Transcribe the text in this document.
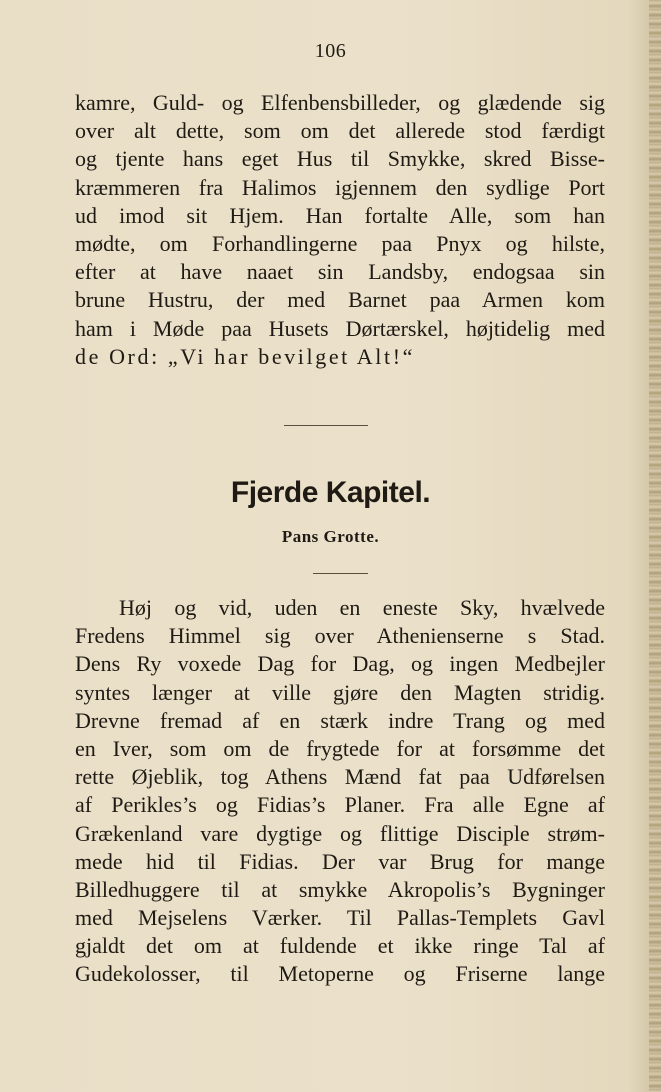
106
kamre, Guld- og Elfenbensbilleder, og glædende sig
over alt dette, som om det allerede stod færdigt
og tjente hans eget Hus til Smykke, skred Bisse-
kræmmeren fra Halimos igjennem den sydlige Port
ud imod sit Hjem. Han fortalte Alle, som han
mødte, om Forhandlingerne paa Pnyx og hilste,
efter at have naaet sin Landsby, endogsaa sin
brune Hustru, der med Barnet paa Armen kom
ham i Møde paa Husets Dørtærskel, højtidelig med
de Ord: „Vi har bevilget Alt!“
Fjerde Kapitel.
Pans Grotte.
Høj og vid, uden en eneste Sky, hvælvede
Fredens Himmel sig over Athenienserne s Stad.
Dens Ry voxede Dag for Dag, og ingen Medbejler
syntes længer at ville gjøre den Magten stridig.
Drevne fremad af en stærk indre Trang og med
en Iver, som om de frygtede for at forsømme det
rette Øjeblik, tog Athens Mænd fat paa Udførelsen
af Perikles’s og Fidias’s Planer. Fra alle Egne af
Grækenland vare dygtige og flittige Disciple strøm-
mede hid til Fidias. Der var Brug for mange
Billedhuggere til at smykke Akropolis’s Bygninger
med Mejselens Værker. Til Pallas-Templets Gavl
gjaldt det om at fuldende et ikke ringe Tal af
Gudekolosser, til Metoperne og Friserne lange
